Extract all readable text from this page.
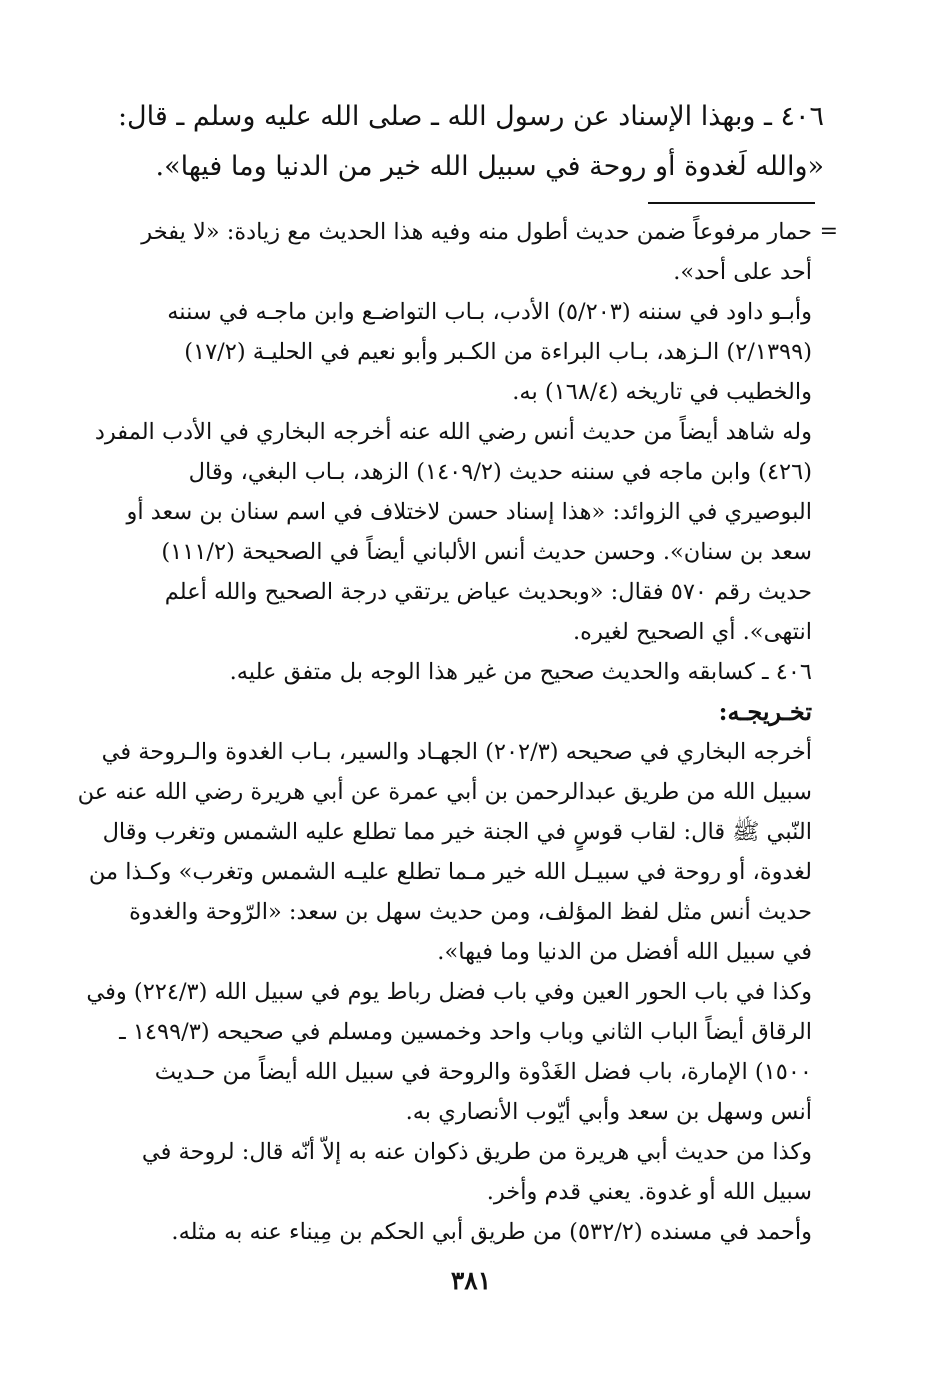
٤٠٦ ـ وبهذا الإسناد عن رسول الله ـ صلى الله عليه وسلم ـ قال:
«والله لَغدوة أو روحة في سبيل الله خير من الدنيا وما فيها».
=
حمار مرفوعاً ضمن حديث أطول منه وفيه هذا الحديث مع زيادة: «لا يفخر
أحد على أحد».
وأبـو داود في سننه (٥/٢٠٣) الأدب، بـاب التواضـع وابن ماجـه في سننه
(٢/١٣٩٩) الـزهد، بـاب البراءة من الكـبر وأبو نعيم في الحليـة (١٧/٢)
والخطيب في تاريخه (١٦٨/٤) به.
وله شاهد أيضاً من حديث أنس رضي الله عنه أخرجه البخاري في الأدب المفرد
(٤٢٦) وابن ماجه في سننه حديث (١٤٠٩/٢) الزهد، بـاب البغي، وقال
البوصيري في الزوائد: «هذا إسناد حسن لاختلاف في اسم سنان بن سعد أو
سعد بن سنان». وحسن حديث أنس الألباني أيضاً في الصحيحة (١١١/٢)
حديث رقم ٥٧٠ فقال: «وبحديث عياض يرتقي درجة الصحيح والله أعلم
انتهى». أي الصحيح لغيره.
٤٠٦ ـ كسابقه والحديث صحيح من غير هذا الوجه بل متفق عليه.
تخـريجـه:
أخرجه البخاري في صحيحه (٢٠٢/٣) الجهـاد والسير، بـاب الغدوة والـروحة في
سبيل الله من طريق عبدالرحمن بن أبي عمرة عن أبي هريرة رضي الله عنه عن
النّبي ﷺ قال: لقاب قوسٍ في الجنة خير مما تطلع عليه الشمس وتغرب وقال
لغدوة، أو روحة في سبيـل الله خير مـما تطلع عليـه الشمس وتغرب» وكـذا من
حديث أنس مثل لفظ المؤلف، ومن حديث سهل بن سعد: «الرّوحة والغدوة
في سبيل الله أفضل من الدنيا وما فيها».
وكذا في باب الحور العين وفي باب فضل رباط يوم في سبيل الله (٢٢٤/٣) وفي
الرقاق أيضاً الباب الثاني وباب واحد وخمسين ومسلم في صحيحه (١٤٩٩/٣ ـ
١٥٠٠) الإمارة، باب فضل الغَدْوة والروحة في سبيل الله أيضاً من حـديث
أنس وسهل بن سعد وأبي أيّوب الأنصاري به.
وكذا من حديث أبي هريرة من طريق ذكوان عنه به إلاّ أنّه قال: لروحة في
سبيل الله أو غدوة. يعني قدم وأخر.
وأحمد في مسنده (٥٣٢/٢) من طريق أبي الحكم بن مِيناء عنه به مثله.
٣٨١
